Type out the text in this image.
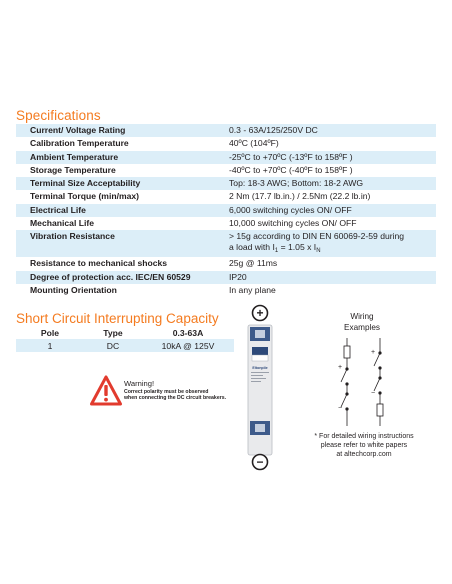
Specifications
Current/ Voltage Rating	0.3 - 63A/125/250V DC
Calibration Temperature	40ºC (104ºF)
Ambient Temperature	-25ºC to +70ºC (-13ºF to 158ºF )
Storage Temperature	-40ºC to +70ºC (-40ºF to 158ºF )
Terminal Size Acceptability	Top: 18-3 AWG; Bottom: 18-2 AWG
Terminal Torque (min/max)	2 Nm (17.7 lb.in.) / 2.5Nm (22.2 lb.in)
Electrical Life	6,000 switching cycles ON/ OFF
Mechanical Life	10,000 switching cycles ON/ OFF
Vibration Resistance	> 15g according to DIN EN 60069-2-59 during
a load with $I_1 = 1.05$ x $I_N$

Resistance to mechanical shocks	25g @ 11ms
Degree of protection acc. IEC/EN 60529	IP20
Mounting Orientation	In any plane
Short Circuit Interrupting Capacity
Pole	Type	0.3-63A
1	DC	10kA @ 125V
Warning!
Correct polarity must be observed
when connecting the DC circuit breakers.
+
Eltonpile
−
Wiring
Examples
+
−
+
−
* For detailed wiring instructions
please refer to white papers
at altechcorp.com
